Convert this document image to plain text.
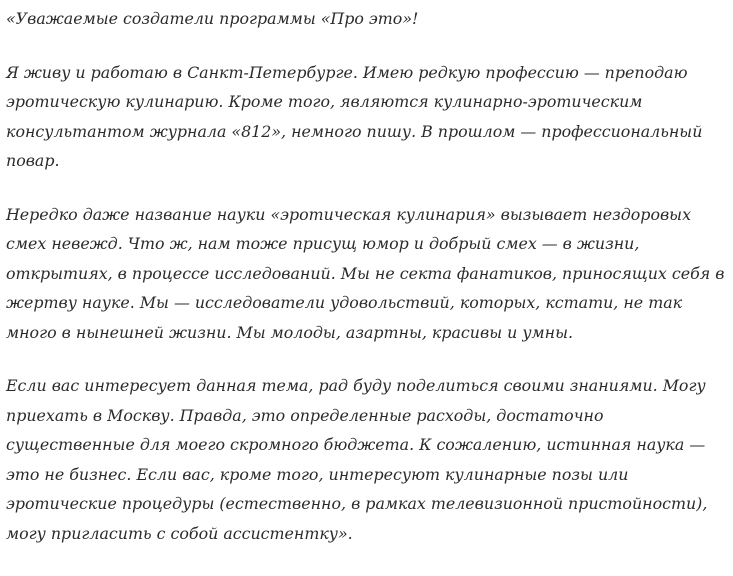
«Уважаемые создатели программы «Про это»!
Я живу и работаю в Санкт-Петербурге. Имею редкую профессию — преподаю
эротическую кулинарию. Кроме того, являются кулинарно-эротическим
консультантом журнала «812», немного пишу. В прошлом — профессиональный
повар.
Нередко даже название науки «эротическая кулинария» вызывает нездоровых
смех невежд. Что ж, нам тоже присущ юмор и добрый смех — в жизни,
открытиях, в процессе исследований. Мы не секта фанатиков, приносящих себя в
жертву науке. Мы — исследователи удовольствий, которых, кстати, не так
много в нынешней жизни. Мы молоды, азартны, красивы и умны.
Если вас интересует данная тема, рад буду поделиться своими знаниями. Могу
приехать в Москву. Правда, это определенные расходы, достаточно
существенные для моего скромного бюджета. К сожалению, истинная наука —
это не бизнес. Если вас, кроме того, интересуют кулинарные позы или
эротические процедуры (естественно, в рамках телевизионной пристойности),
могу пригласить с собой ассистентку».
